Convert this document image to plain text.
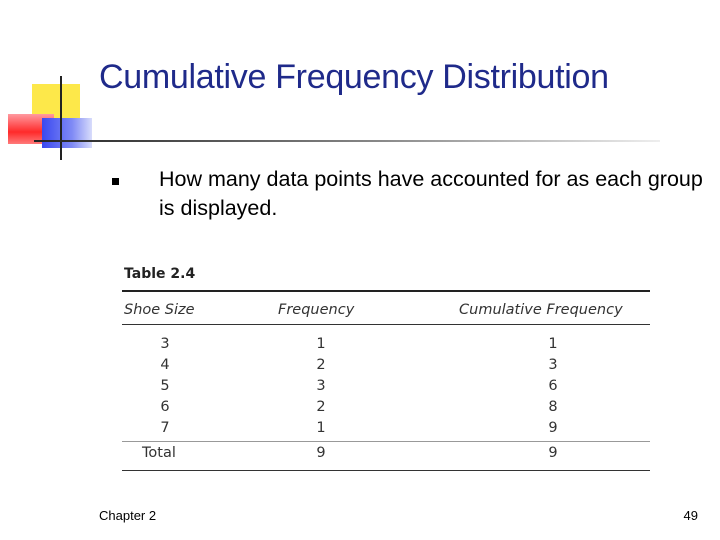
Cumulative Frequency Distribution
How many data points have accounted for as each group is displayed.
Table 2.4
Shoe Size	Frequency	Cumulative Frequency
3	1	1
4	2	3
5	3	6
6	2	8
7	1	9
Total	9	9
Chapter 2	49
